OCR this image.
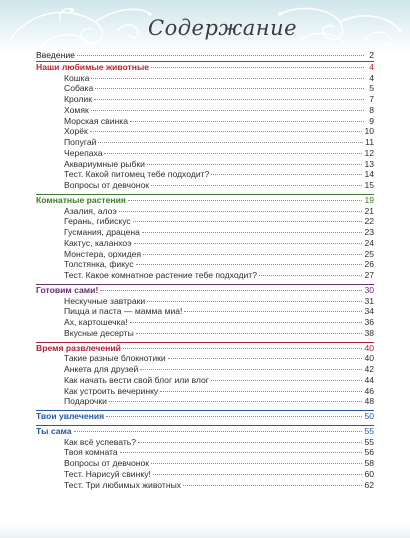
Содержание
Введение	2
Наши любимые животные	4
Кошка	4
Собака	5
Кролик	7
Хомяк	8
Морская свинка	9
Хорёк	10
Попугай	11
Черепаха	12
Аквариумные рыбки	13
Тест. Какой питомец тебе подходит?	14
Вопросы от девчонок	15
Комнатные растения	19
Азалия, алоэ	21
Герань, гибискус	22
Гусмания, драцена	23
Кактус, каланхоэ	24
Монстера, орхидея	25
Толстянка, фикус	26
Тест. Какое комнатное растение тебе подходит?	27
Готовим сами!	30
Нескучные завтраки	31
Пицца и паста — мамма миа!	34
Ах, картошечка!	36
Вкусные десерты	38
Время развлечений	40
Такие разные блокнотики	40
Анкета для друзей	42
Как начать вести свой блог или влог	44
Как устроить вечеринку	46
Подарочки	48
Твои увлечения	50
Ты сама	55
Как всё успевать?	55
Твоя комната	56
Вопросы от девчонок	58
Тест. Нарисуй свинку!	60
Тест. Три любимых животных	62
